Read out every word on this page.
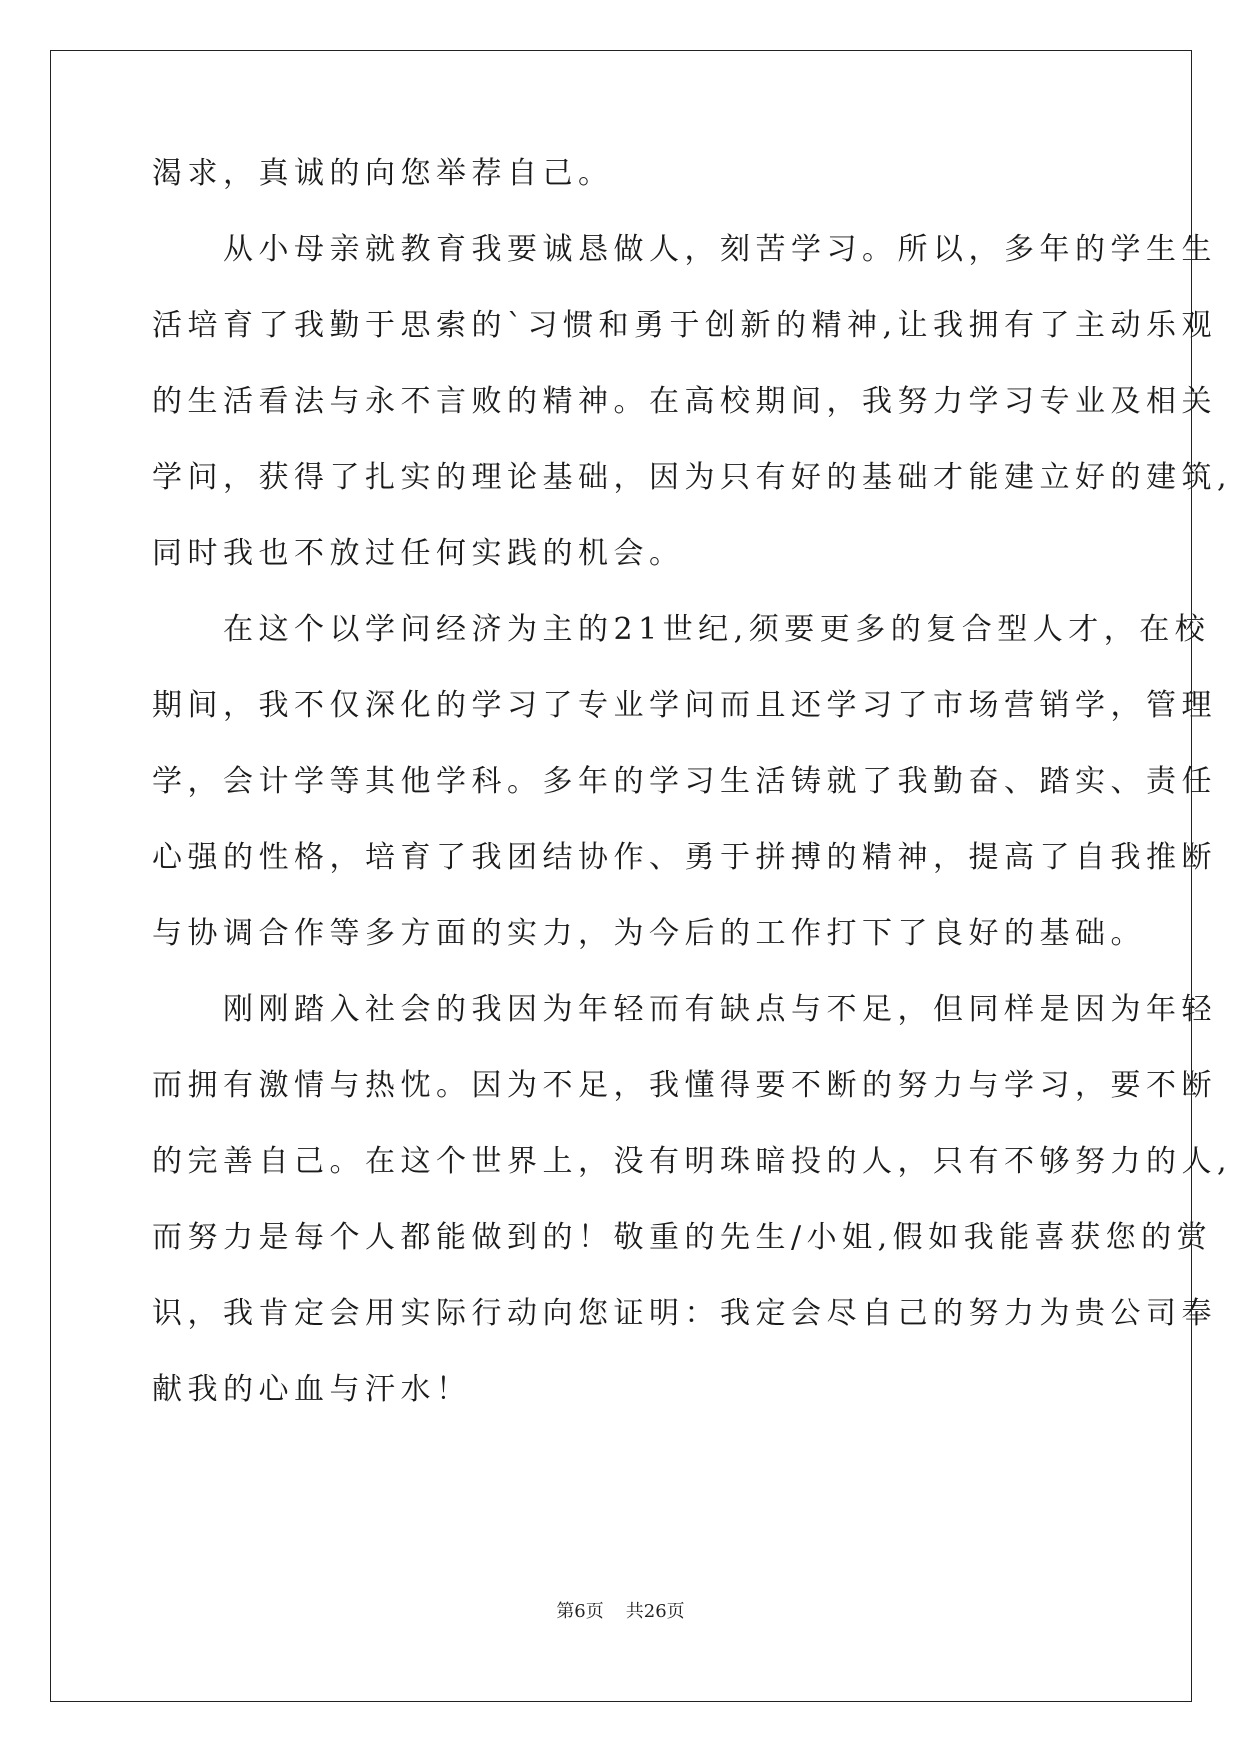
渴求，真诚的向您举荐自己。
　　从小母亲就教育我要诚恳做人，刻苦学习。所以，多年的学生生
活培育了我勤于思索的`习惯和勇于创新的精神,让我拥有了主动乐观
的生活看法与永不言败的精神。在高校期间，我努力学习专业及相关
学问，获得了扎实的理论基础，因为只有好的基础才能建立好的建筑,
同时我也不放过任何实践的机会。
　　在这个以学问经济为主的21世纪,须要更多的复合型人才，在校
期间，我不仅深化的学习了专业学问而且还学习了市场营销学，管理
学，会计学等其他学科。多年的学习生活铸就了我勤奋、踏实、责任
心强的性格，培育了我团结协作、勇于拼搏的精神，提高了自我推断
与协调合作等多方面的实力，为今后的工作打下了良好的基础。
　　刚刚踏入社会的我因为年轻而有缺点与不足，但同样是因为年轻
而拥有激情与热忱。因为不足，我懂得要不断的努力与学习，要不断
的完善自己。在这个世界上，没有明珠暗投的人，只有不够努力的人,
而努力是每个人都能做到的！敬重的先生/小姐,假如我能喜获您的赏
识，我肯定会用实际行动向您证明：我定会尽自己的努力为贵公司奉
献我的心血与汗水！
第6页 共26页
